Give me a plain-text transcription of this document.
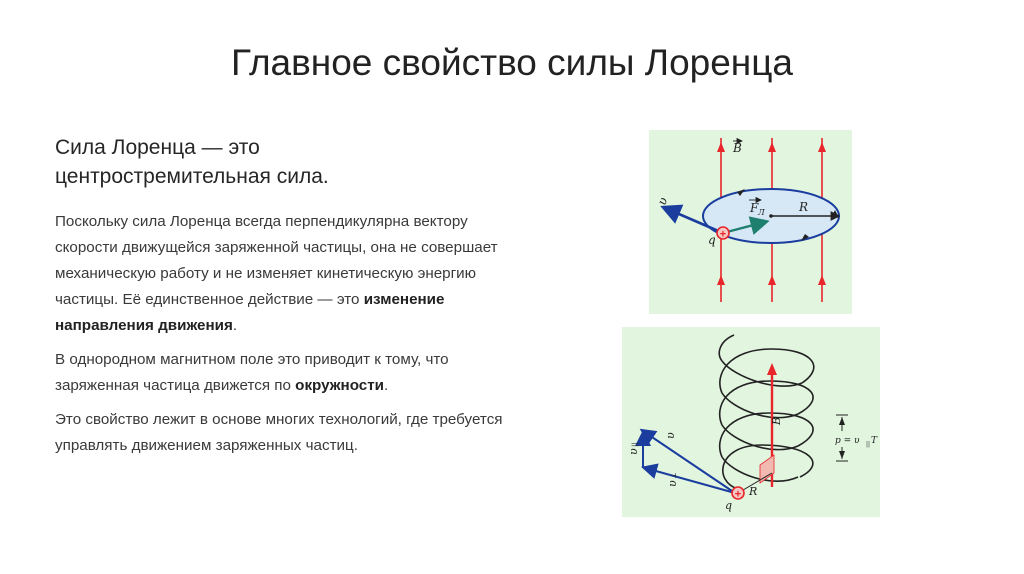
Главное свойство силы Лоренца
Сила Лоренца — это центростремительная сила.

Поскольку сила Лоренца всегда перпендикулярна вектору скорости движущейся заряженной частицы, она не совершает механическую работу и не изменяет кинетическую энергию частицы. Её единственное действие — это изменение направления движения.

В однородном магнитном поле это приводит к тому, что заряженная частица движется по окружности.

Это свойство лежит в основе многих технологий, где требуется управлять движением заряженных частиц.

+
B
υ	F Л	R
q
+
B
υ
υ
||
υ
⊥
p = υ || T
R
q
